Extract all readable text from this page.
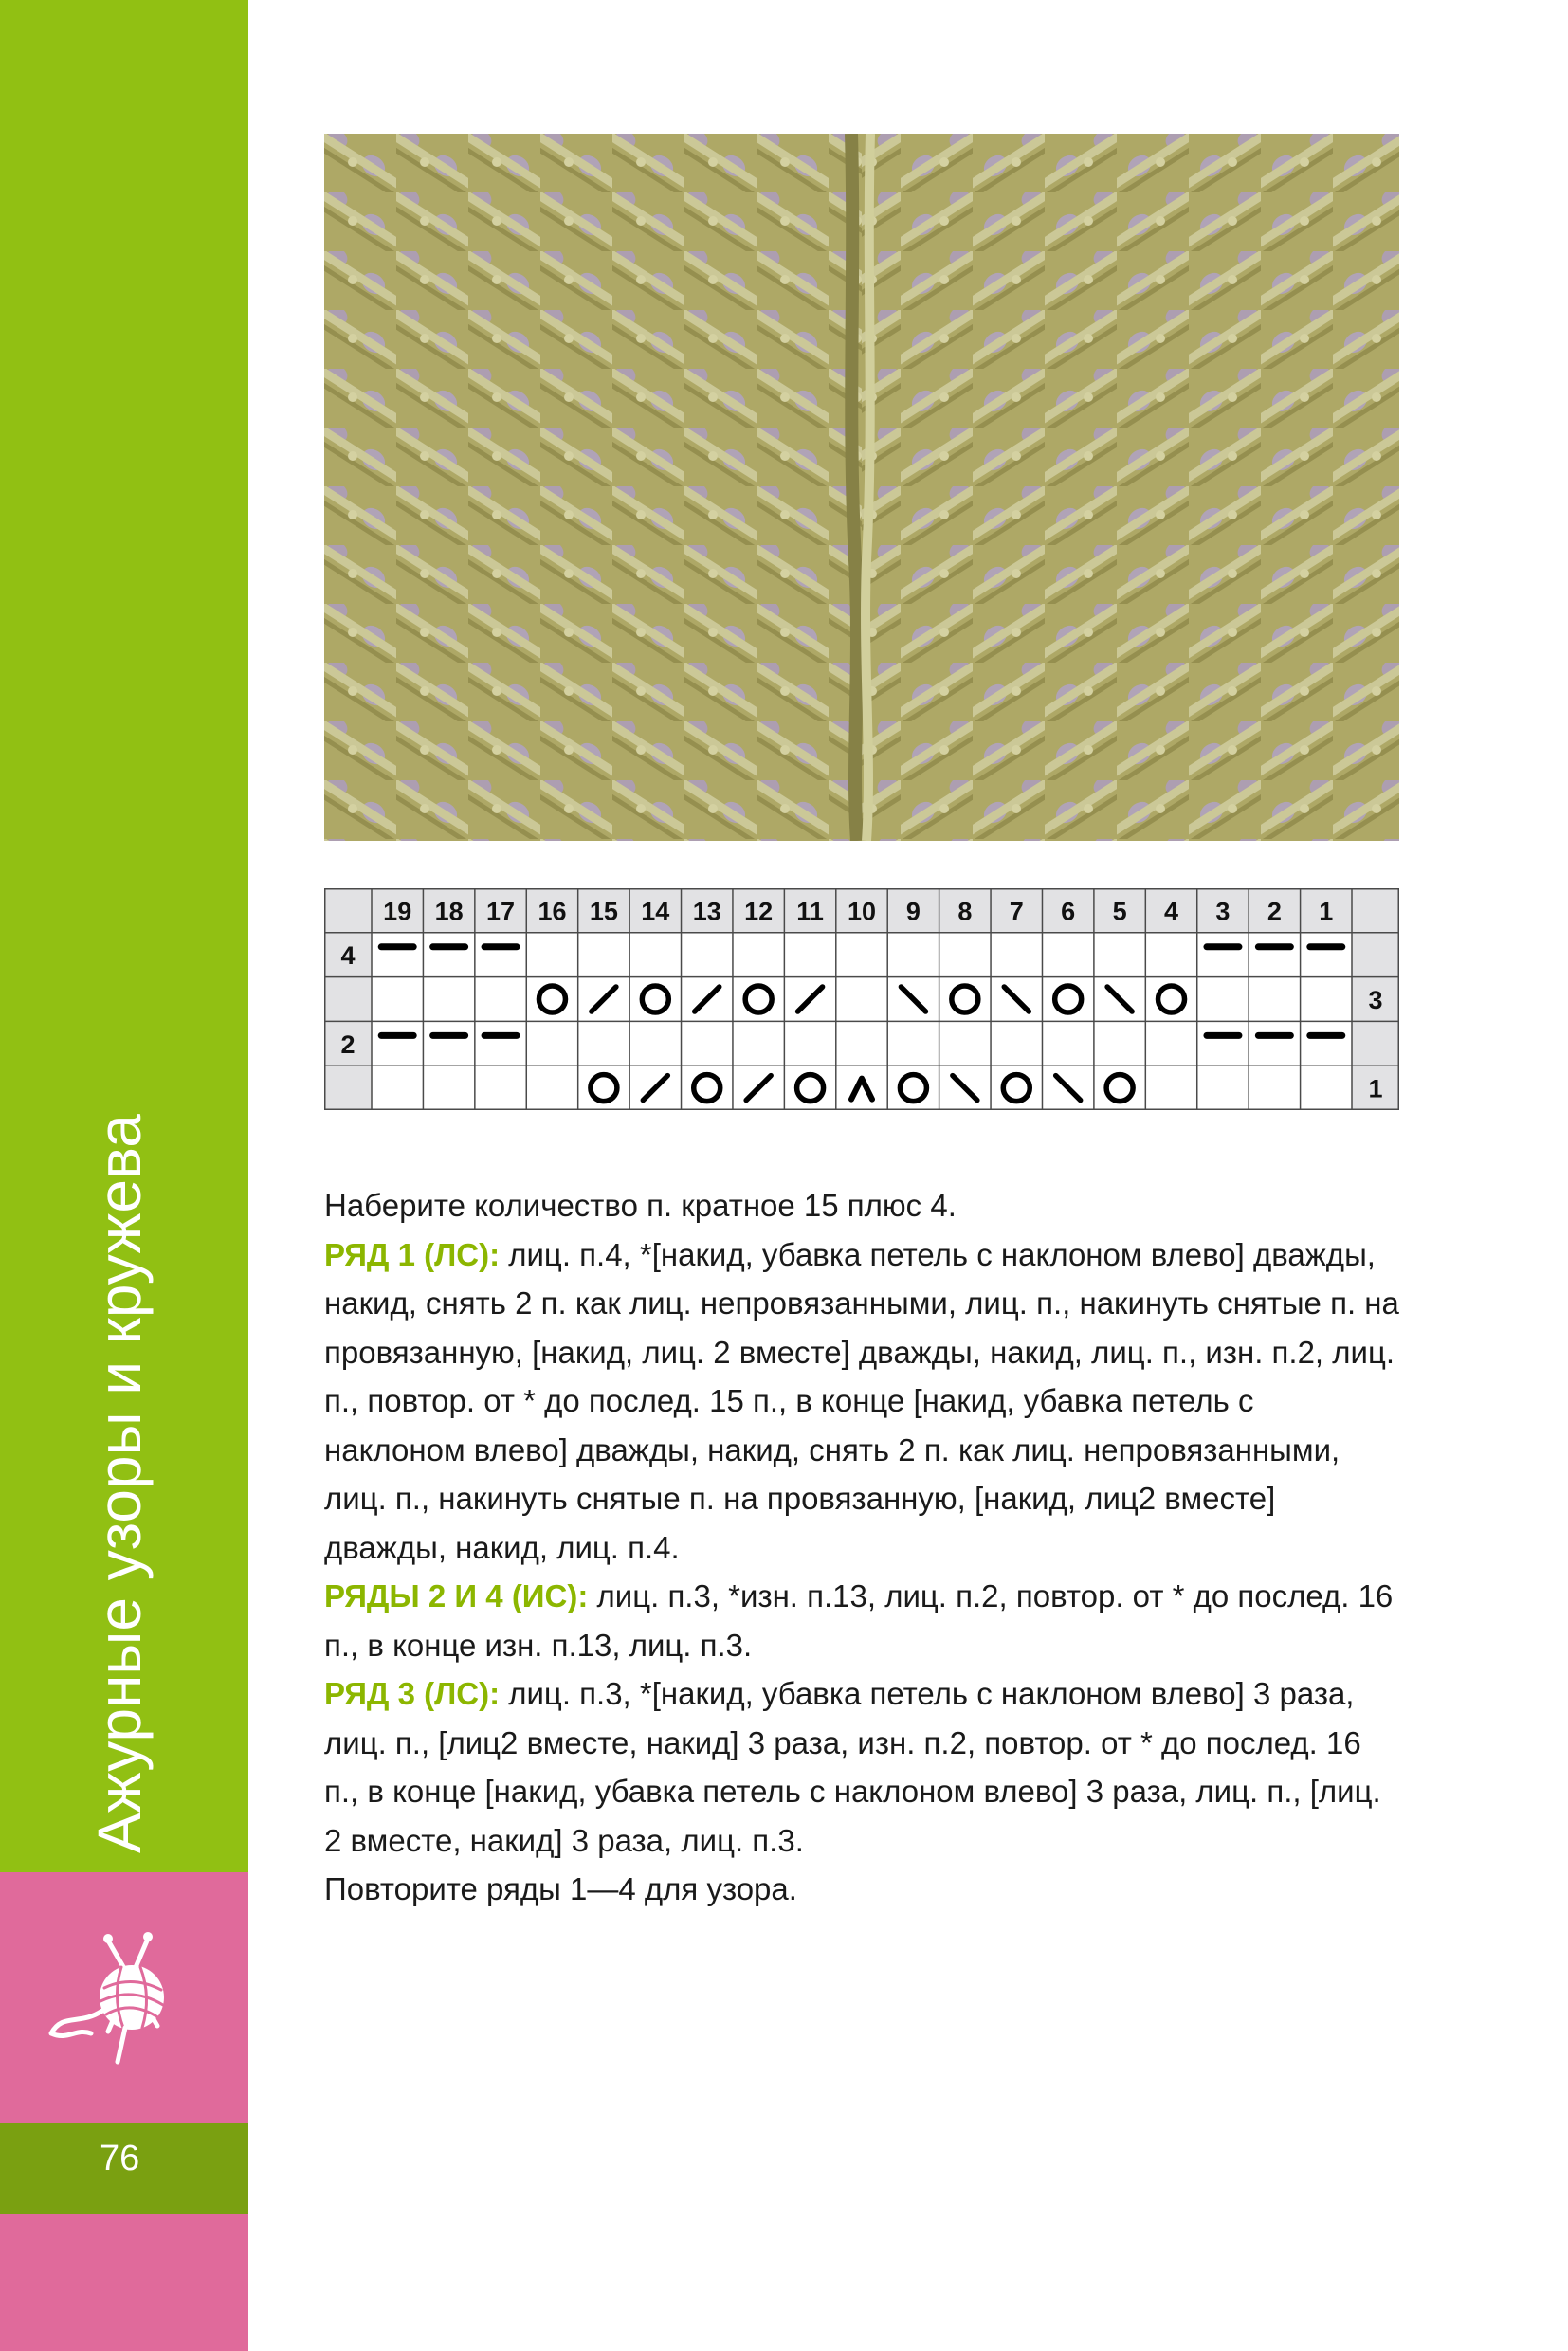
Ажурные узоры и кружева
76
19 18 17 16 15 14 13 12 11 10 9 8 7 6 5 4 3 2 1
4
3
2
1

Наберите количество п. кратное 15 плюс 4.

РЯД 1 (ЛС): лиц. п.4, *[накид, убавка петель с наклоном влево] дважды, накид, снять 2 п. как лиц. непровязанными, лиц. п., накинуть снятые п. на провязанную, [накид, лиц. 2 вместе] дважды, накид, лиц. п., изн. п.2, лиц. п., повтор. от * до послед. 15 п., в конце [накид, убавка петель с наклоном влево] дважды, накид, снять 2 п. как лиц. непровязанными, лиц. п., накинуть снятые п. на провязанную, [накид, лиц2 вместе] дважды, накид, лиц. п.4.

РЯДЫ 2 И 4 (ИС): лиц. п.3, *изн. п.13, лиц. п.2, повтор. от * до послед. 16 п., в конце изн. п.13, лиц. п.3.

РЯД 3 (ЛС): лиц. п.3, *[накид, убавка петель с наклоном влево] 3 раза, лиц. п., [лиц2 вместе, накид] 3 раза, изн. п.2, повтор. от * до послед. 16 п., в конце [накид, убавка петель с наклоном влево] 3 раза, лиц. п., [лиц. 2 вместе, накид] 3 раза, лиц. п.3.

Повторите ряды 1—4 для узора.
